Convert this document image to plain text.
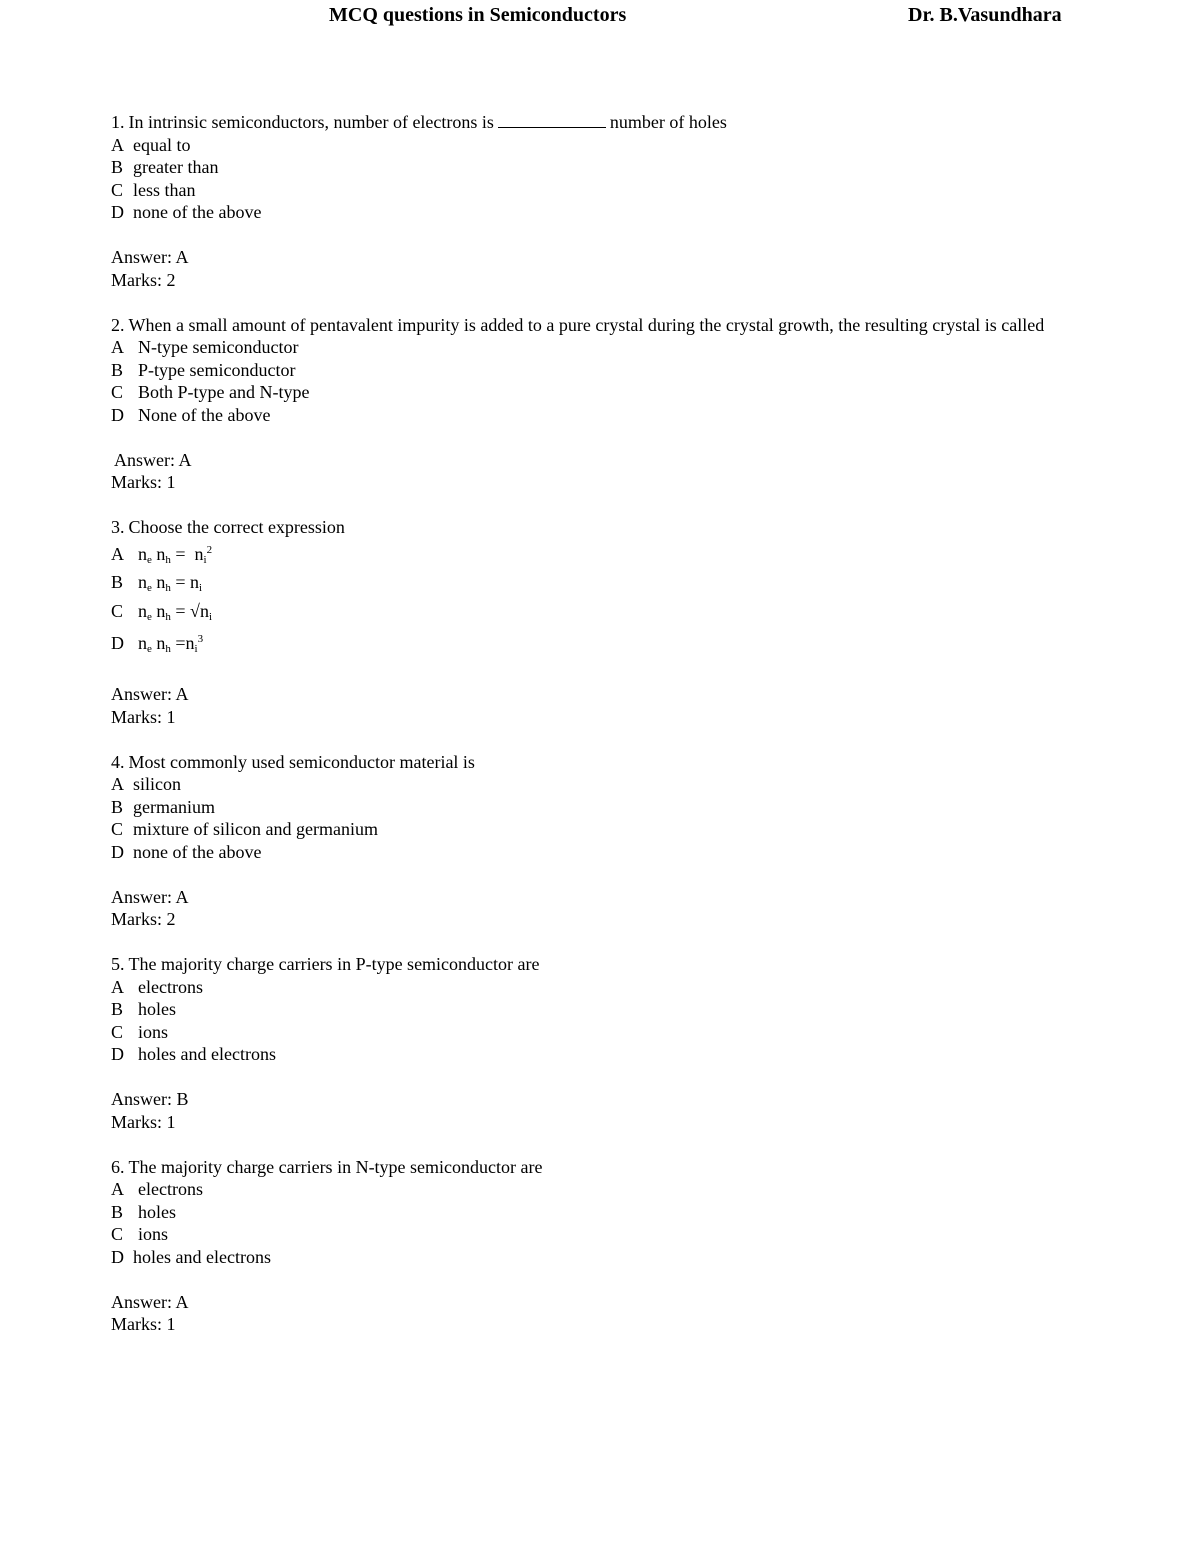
MCQ questions in Semiconductors	Dr. B.Vasundhara
1. In intrinsic semiconductors, number of electrons is	number of holes
A equal to
B greater than
C less than
D none of the above
Answer: A
Marks: 2
2. When a small amount of pentavalent impurity is added to a pure crystal during the crystal growth, the resulting crystal is called
A N-type semiconductor
B P-type semiconductor
C Both P-type and N-type
D None of the above
Answer: A
Marks: 1
3. Choose the correct expression
A $n_e$ $n_h = n_i^2$
B $n_e$ $n_h = n_i$
C $n_e$ $n_h = √n_i$
D $n_e$ $n_h =n_i^3$
Answer: A
Marks: 1
4. Most commonly used semiconductor material is
A silicon
B germanium
C mixture of silicon and germanium
D none of the above
Answer: A
Marks: 2
5. The majority charge carriers in P-type semiconductor are
A electrons
B holes
C ions
D holes and electrons
Answer: B
Marks: 1
6. The majority charge carriers in N-type semiconductor are
A electrons
B holes
C ions
D holes and electrons
Answer: A
Marks: 1
